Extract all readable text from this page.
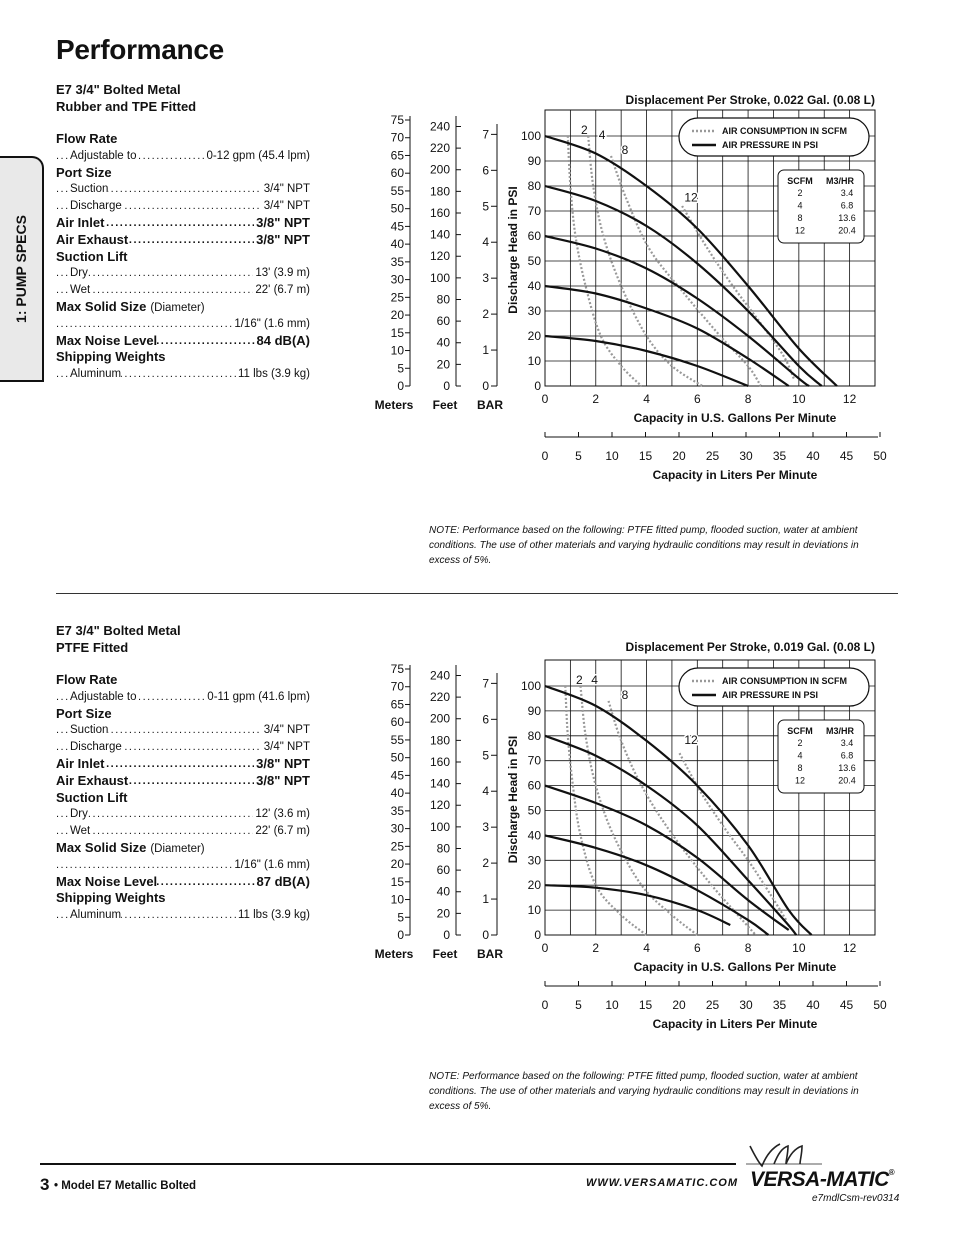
Performance
1: PUMP SPECS
E7 3/4" Bolted Metal
Rubber and TPE Fitted
Flow Rate
..... Adjustable to	0-12 gpm (45.4 lpm)
Port Size
..... Suction	3/4" NPT
..... Discharge	3/4" NPT
..... Air Inlet	3/8" NPT
..... Air Exhaust	3/8" NPT
Suction Lift
..... Dry	13' (3.9 m)
..... Wet	22' (6.7 m)
Max Solid Size (Diameter)
..... 1/16" (1.6 mm)
..... Max Noise Level	84 dB(A)
Shipping Weights
..... Aluminum	11 lbs (3.9 kg)
E7 3/4" Bolted Metal
PTFE Fitted
Flow Rate
..... Adjustable to	0-11 gpm (41.6 lpm)
Port Size
..... Suction	3/4" NPT
..... Discharge	3/4" NPT
..... Air Inlet	3/8" NPT
..... Air Exhaust	3/8" NPT
Suction Lift
..... Dry	12' (3.6 m)
..... Wet	22' (6.7 m)
Max Solid Size (Diameter)
..... 1/16" (1.6 mm)
..... Max Noise Level	87 dB(A)
Shipping Weights
..... Aluminum	11 lbs (3.9 kg)
Displacement Per Stroke, 0.022 Gal. (0.08 L)
0
10
20
30
40
50
60
70
80
90
100
0	2	4	6	8	10	12
Discharge Head in PSI
Capacity in U.S. Gallons Per Minute
0 5 10 15 20 25 30 35 40 45 50
Capacity in Liters Per Minute
0
5
10
15
20
25
30
35
40
45
50
55
60
65
70
75
0
20
40
60
80
100
120
140
160
180
200
220
240
0
1
2
3
4
5
6
7
Meters Feet BAR
2 4
8
12
AIR CONSUMPTION IN SCFM
AIR PRESSURE IN PSI
SCFM M3/HR
2	3.4
4	6.8
8	13.6
12	20.4
Displacement Per Stroke, 0.019 Gal. (0.08 L)
0
10
20
30
40
50
60
70
80
90
100
0	2	4	6	8	10	12
Discharge Head in PSI
Capacity in U.S. Gallons Per Minute
0 5 10 15 20 25 30 35 40 45 50
Capacity in Liters Per Minute
0
5
10
15
20
25
30
35
40
45
50
55
60
65
70
75
0
20
40
60
80
100
120
140
160
180
200
220
240
0
1
2
3
4
5
6
7
Meters Feet BAR
2 4
8
12
AIR CONSUMPTION IN SCFM
AIR PRESSURE IN PSI
SCFM M3/HR
2	3.4
4	6.8
8	13.6
12	20.4
NOTE: Performance based on the following: PTFE fitted pump, flooded suction, water at ambient conditions. The use of other materials and varying hydraulic conditions may result in deviations in excess of 5%.
NOTE: Performance based on the following: PTFE fitted pump, flooded suction, water at ambient conditions. The use of other materials and varying hydraulic conditions may result in deviations in excess of 5%.
3 • Model E7 Metallic Bolted	WWW.VERSAMATIC.COM VERSA-MATIC®
e7mdlCsm-rev0314
